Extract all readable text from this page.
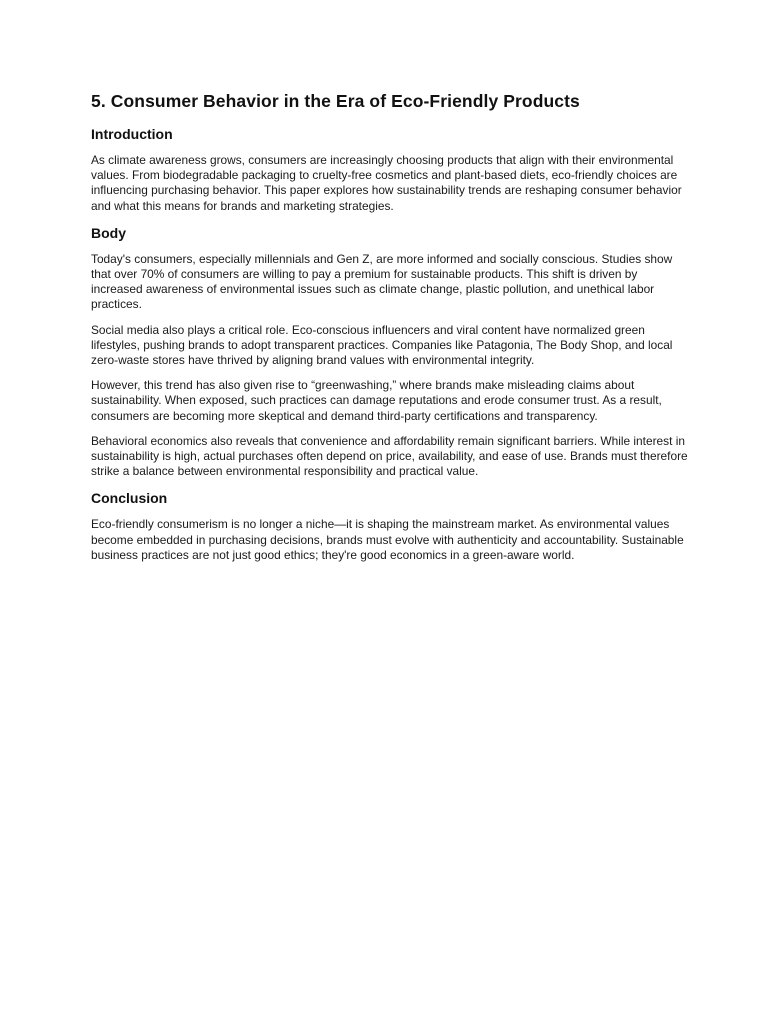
5. Consumer Behavior in the Era of Eco-Friendly Products
Introduction

As climate awareness grows, consumers are increasingly choosing products that align with their environmental values. From biodegradable packaging to cruelty-free cosmetics and plant-based diets, eco-friendly choices are influencing purchasing behavior. This paper explores how sustainability trends are reshaping consumer behavior and what this means for brands and marketing strategies.

Body

Today's consumers, especially millennials and Gen Z, are more informed and socially conscious. Studies show that over 70% of consumers are willing to pay a premium for sustainable products. This shift is driven by increased awareness of environmental issues such as climate change, plastic pollution, and unethical labor practices.

Social media also plays a critical role. Eco-conscious influencers and viral content have normalized green lifestyles, pushing brands to adopt transparent practices. Companies like Patagonia, The Body Shop, and local zero-waste stores have thrived by aligning brand values with environmental integrity.

However, this trend has also given rise to “greenwashing,” where brands make misleading claims about sustainability. When exposed, such practices can damage reputations and erode consumer trust. As a result, consumers are becoming more skeptical and demand third-party certifications and transparency.

Behavioral economics also reveals that convenience and affordability remain significant barriers. While interest in sustainability is high, actual purchases often depend on price, availability, and ease of use. Brands must therefore strike a balance between environmental responsibility and practical value.

Conclusion

Eco-friendly consumerism is no longer a niche—it is shaping the mainstream market. As environmental values become embedded in purchasing decisions, brands must evolve with authenticity and accountability. Sustainable business practices are not just good ethics; they're good economics in a green-aware world.
